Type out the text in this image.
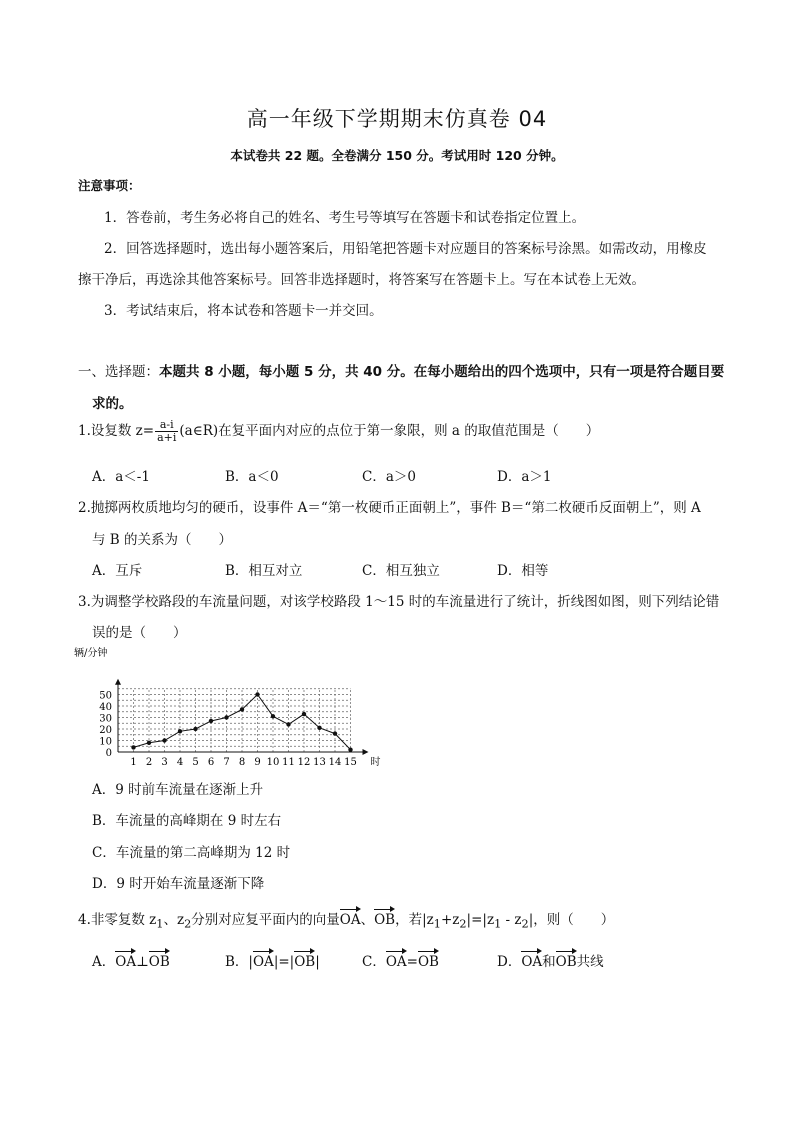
高一年级下学期期末仿真卷 04
本试卷共 22 题。全卷满分 150 分。考试用时 120 分钟。
注意事项：
1．答卷前，考生务必将自己的姓名、考生号等填写在答题卡和试卷指定位置上。
2．回答选择题时，选出每小题答案后，用铅笔把答题卡对应题目的答案标号涂黑。如需改动，用橡皮
擦干净后，再选涂其他答案标号。回答非选择题时，将答案写在答题卡上。写在本试卷上无效。
3．考试结束后，将本试卷和答题卡一并交回。
一、选择题：本题共 8 小题，每小题 5 分，共 40 分。在每小题给出的四个选项中，只有一项是符合题目要
求的。
1.设复数 $z= \frac{a-i}{a+i}$ (a∈R)在复平面内对应的点位于第一象限，则 a 的取值范围是（　　）
A．a＜-1	B．a＜0	C．a＞0	D．a＞1
2.抛掷两枚质地均匀的硬币，设事件 A＝“第一枚硬币正面朝上”，事件 B＝“第二枚硬币反面朝上”，则 A
与 B 的关系为（　　）
A．互斥	B．相互对立	C．相互独立	D．相等
3.为调整学校路段的车流量问题，对该学校路段 1～15 时的车流量进行了统计，折线图如图，则下列结论错
误的是（　　）
0
10
20
30
40
50
1 2 3 4 5 6 7 8 9 10 11 12 13 14 15 时
辆/分钟
A．9 时前车流量在逐渐上升
B．车流量的高峰期在 9 时左右
C．车流量的第二高峰期为 12 时
D．9 时开始车流量逐渐下降
4.非零复数 $z_1$、$z_2$分别对应复平面内的向量OA、OB，若$|z_1+z_2|=|z_1 - z_2|$，则（　　）
A．OA⊥OB	B．|OA|=|OB|	C．OA=OB	D．OA和OB共线
